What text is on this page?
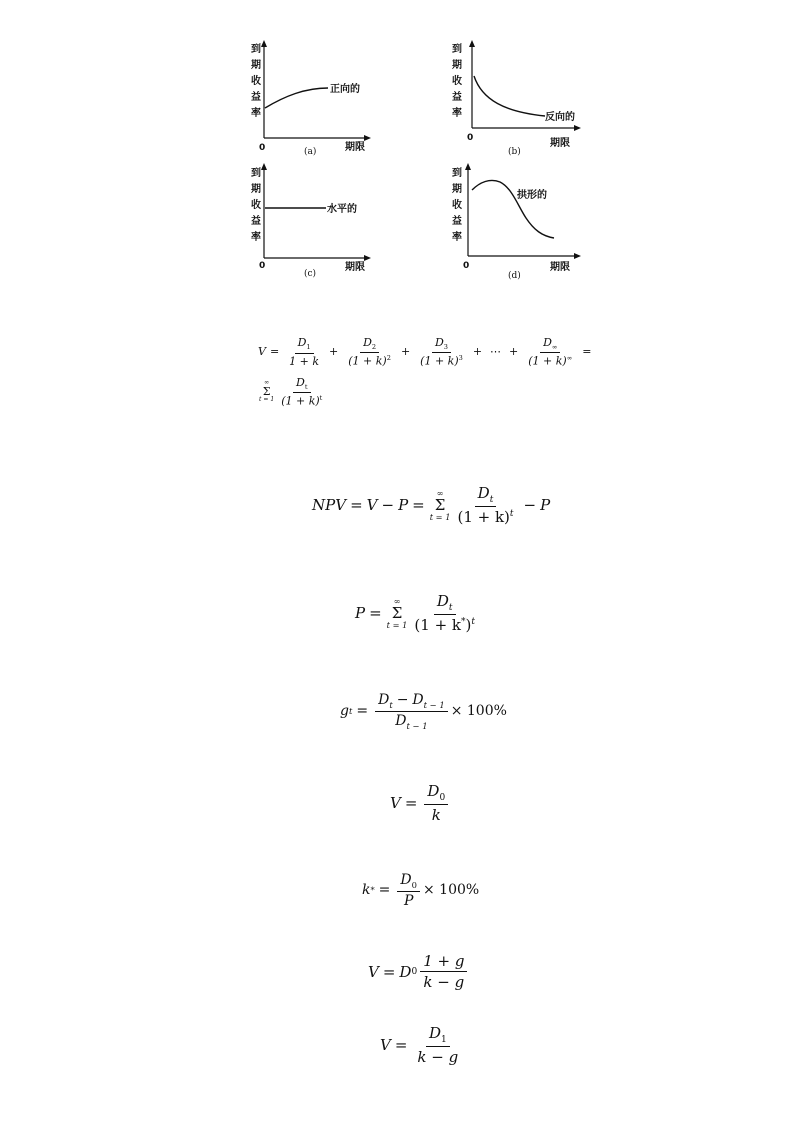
到
期
收
益
率
正向的
0	(a)	期限
到
期
收
益
率	反向的
0
(b)
期限
到
期
收
益
率
水平的
0
(c)
期限
到
期
收
益
率
拱形的
0
(d)
期限
$V = \frac{D_1}{1 + k} + \frac{D_2}{(1 + k)^2} + \frac{D_3}{(1 + k)^3}$ + ⋯ + $\frac{D_\infty}{(1 + k)^\infty}$ =
∞
Σ
$t = 1 \frac{D_t}{(1 + k)^t}$
NPV = V − P =
∞
Σ
$t = 1 \frac{D_t}{(1 + k)^t} - P$
P =
∞
Σ
$t = 1 \frac{D_t}{(1 + k^*)^t}$
g $t = \frac{D_t - D_{t - 1}}{D_{t - 1}} \times 100\%$
$V = \frac{D_0}{k}$
k * = $\frac{D_0}{P} \times 100\%$
V = D $0 \frac{1 + g}{k - g}$
$V = \frac{D_1}{k - g}$
